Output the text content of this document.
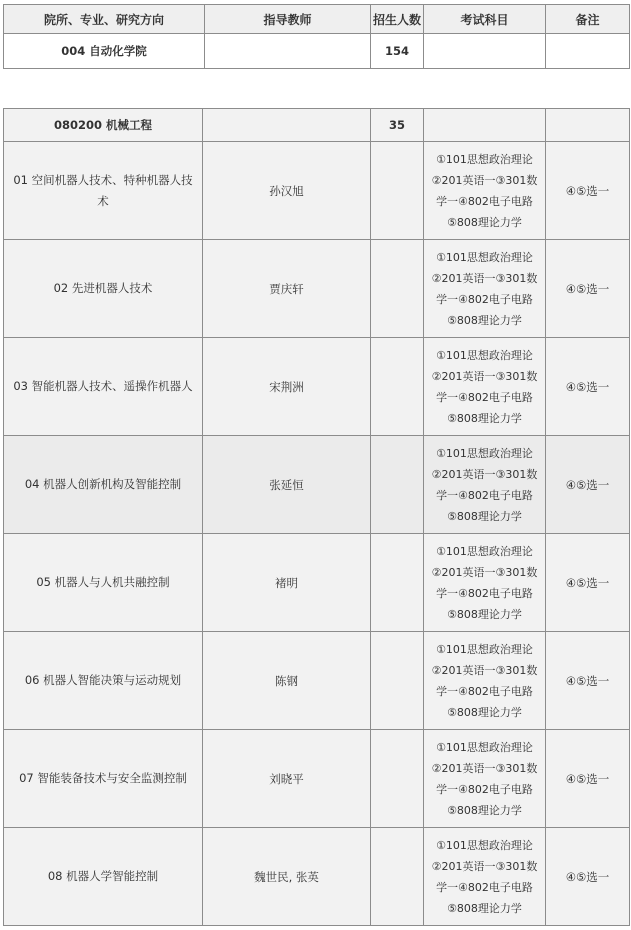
院所、专业、研究方向	指导教师	招生人数	考试科目	备注
004 自动化学院		154		
080200 机械工程		35		
01 空间机器人技术、特种机器人技术	孙汉旭		①101思想政治理论
②201英语一③301数
学一④802电子电路
⑤808理论力学	④⑤选一
02 先进机器人技术	贾庆轩		①101思想政治理论
②201英语一③301数
学一④802电子电路
⑤808理论力学	④⑤选一
03 智能机器人技术、遥操作机器人	宋荆洲		①101思想政治理论
②201英语一③301数
学一④802电子电路
⑤808理论力学	④⑤选一
04 机器人创新机构及智能控制	张延恒		①101思想政治理论
②201英语一③301数
学一④802电子电路
⑤808理论力学	④⑤选一
05 机器人与人机共融控制	褚明		①101思想政治理论
②201英语一③301数
学一④802电子电路
⑤808理论力学	④⑤选一
06 机器人智能决策与运动规划	陈钢		①101思想政治理论
②201英语一③301数
学一④802电子电路
⑤808理论力学	④⑤选一
07 智能装备技术与安全监测控制	刘晓平		①101思想政治理论
②201英语一③301数
学一④802电子电路
⑤808理论力学	④⑤选一
08 机器人学智能控制	魏世民, 张英		①101思想政治理论
②201英语一③301数
学一④802电子电路
⑤808理论力学	④⑤选一
